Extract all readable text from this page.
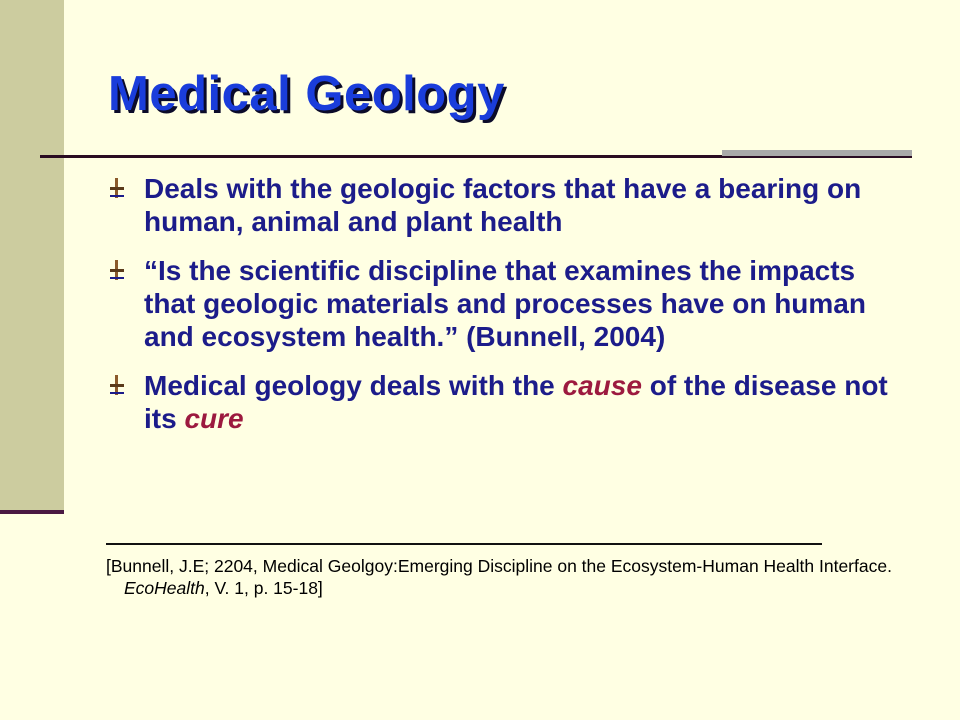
Medical Geology
Deals with the geologic factors that have a bearing on human, animal and plant health
“Is the scientific discipline that examines the impacts that geologic materials and processes have on human and ecosystem health.” (Bunnell, 2004)
Medical geology deals with the cause of the disease not its cure

[Bunnell, J.E; 2204, Medical Geolgoy:Emerging Discipline on the Ecosystem-Human Health Interface. EcoHealth, V. 1, p. 15-18]
